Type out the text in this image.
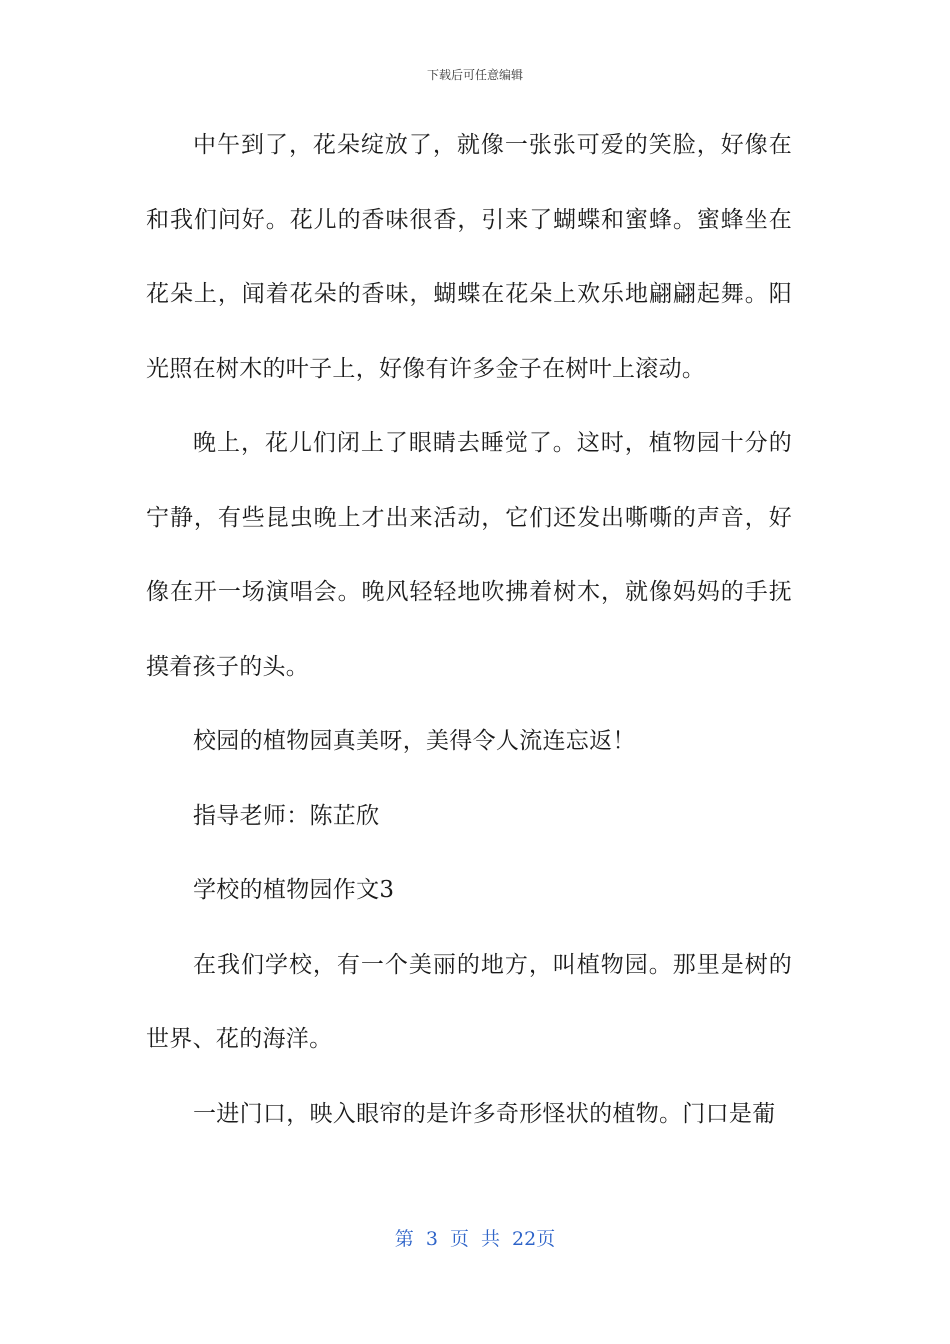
下载后可任意编辑

中午到了，花朵绽放了，就像一张张可爱的笑脸，好像在和我们问好。花儿的香味很香，引来了蝴蝶和蜜蜂。蜜蜂坐在花朵上，闻着花朵的香味，蝴蝶在花朵上欢乐地翩翩起舞。阳光照在树木的叶子上，好像有许多金子在树叶上滚动。

晚上，花儿们闭上了眼睛去睡觉了。这时，植物园十分的宁静，有些昆虫晚上才出来活动，它们还发出嘶嘶的声音，好像在开一场演唱会。晚风轻轻地吹拂着树木，就像妈妈的手抚摸着孩子的头。

校园的植物园真美呀，美得令人流连忘返！

指导老师：陈芷欣

学校的植物园作文3

在我们学校，有一个美丽的地方，叫植物园。那里是树的世界、花的海洋。

一进门口，映入眼帘的是许多奇形怪状的植物。门口是葡

第 3 页 共 22页
